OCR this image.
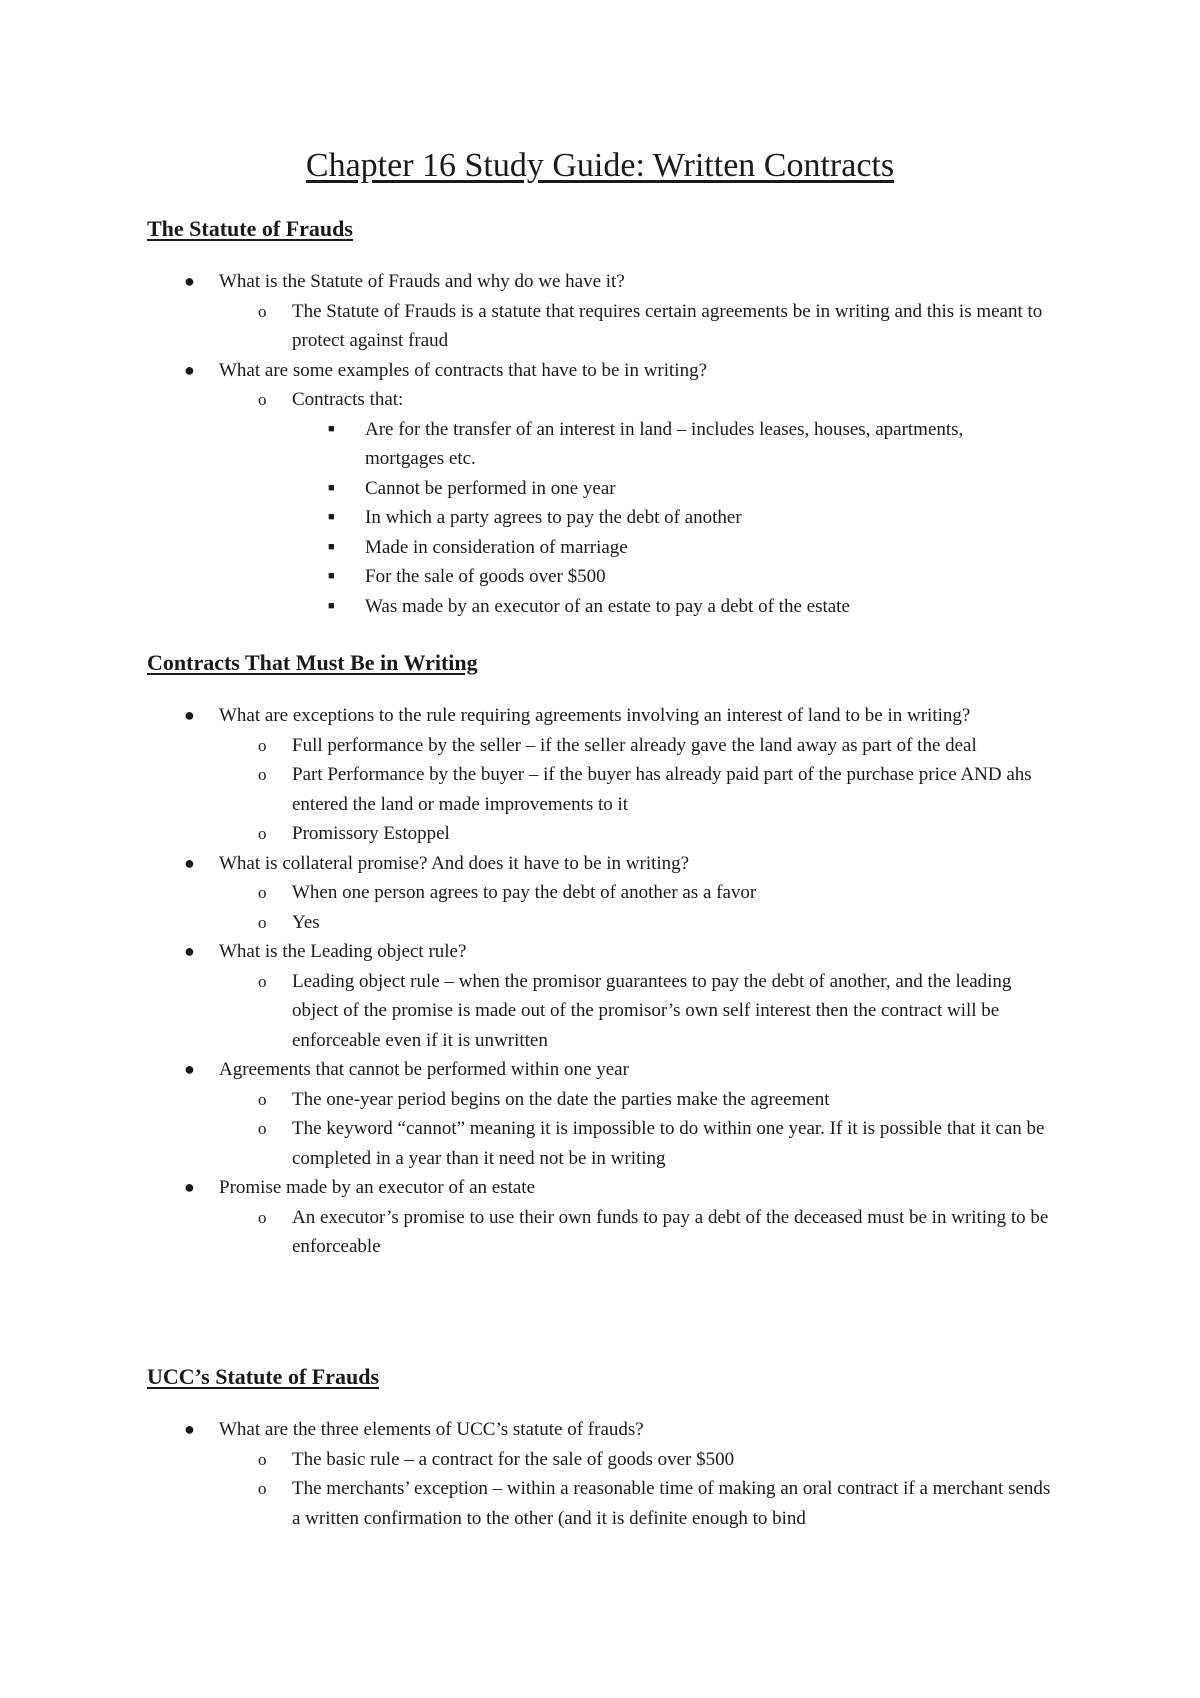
Chapter 16 Study Guide: Written Contracts
The Statute of Frauds
● What is the Statute of Frauds and why do we have it?
o The Statute of Frauds is a statute that requires certain agreements be in writing and this is meant to protect against fraud
● What are some examples of contracts that have to be in writing?
o Contracts that:
■ Are for the transfer of an interest in land – includes leases, houses, apartments, mortgages etc.
■ Cannot be performed in one year
■ In which a party agrees to pay the debt of another
■ Made in consideration of marriage
■ For the sale of goods over $500
■ Was made by an executor of an estate to pay a debt of the estate
Contracts That Must Be in Writing
● What are exceptions to the rule requiring agreements involving an interest of land to be in writing?
o Full performance by the seller – if the seller already gave the land away as part of the deal
o Part Performance by the buyer – if the buyer has already paid part of the purchase price AND ahs entered the land or made improvements to it
o Promissory Estoppel
● What is collateral promise? And does it have to be in writing?
o When one person agrees to pay the debt of another as a favor
o Yes
● What is the Leading object rule?
o Leading object rule – when the promisor guarantees to pay the debt of another, and the leading object of the promise is made out of the promisor’s own self interest then the contract will be enforceable even if it is unwritten
● Agreements that cannot be performed within one year
o The one-year period begins on the date the parties make the agreement
o The keyword “cannot” meaning it is impossible to do within one year. If it is possible that it can be completed in a year than it need not be in writing
● Promise made by an executor of an estate
o An executor’s promise to use their own funds to pay a debt of the deceased must be in writing to be enforceable
UCC’s Statute of Frauds
● What are the three elements of UCC’s statute of frauds?
o The basic rule – a contract for the sale of goods over $500
o The merchants’ exception – within a reasonable time of making an oral contract if a merchant sends a written confirmation to the other (and it is definite enough to bind
